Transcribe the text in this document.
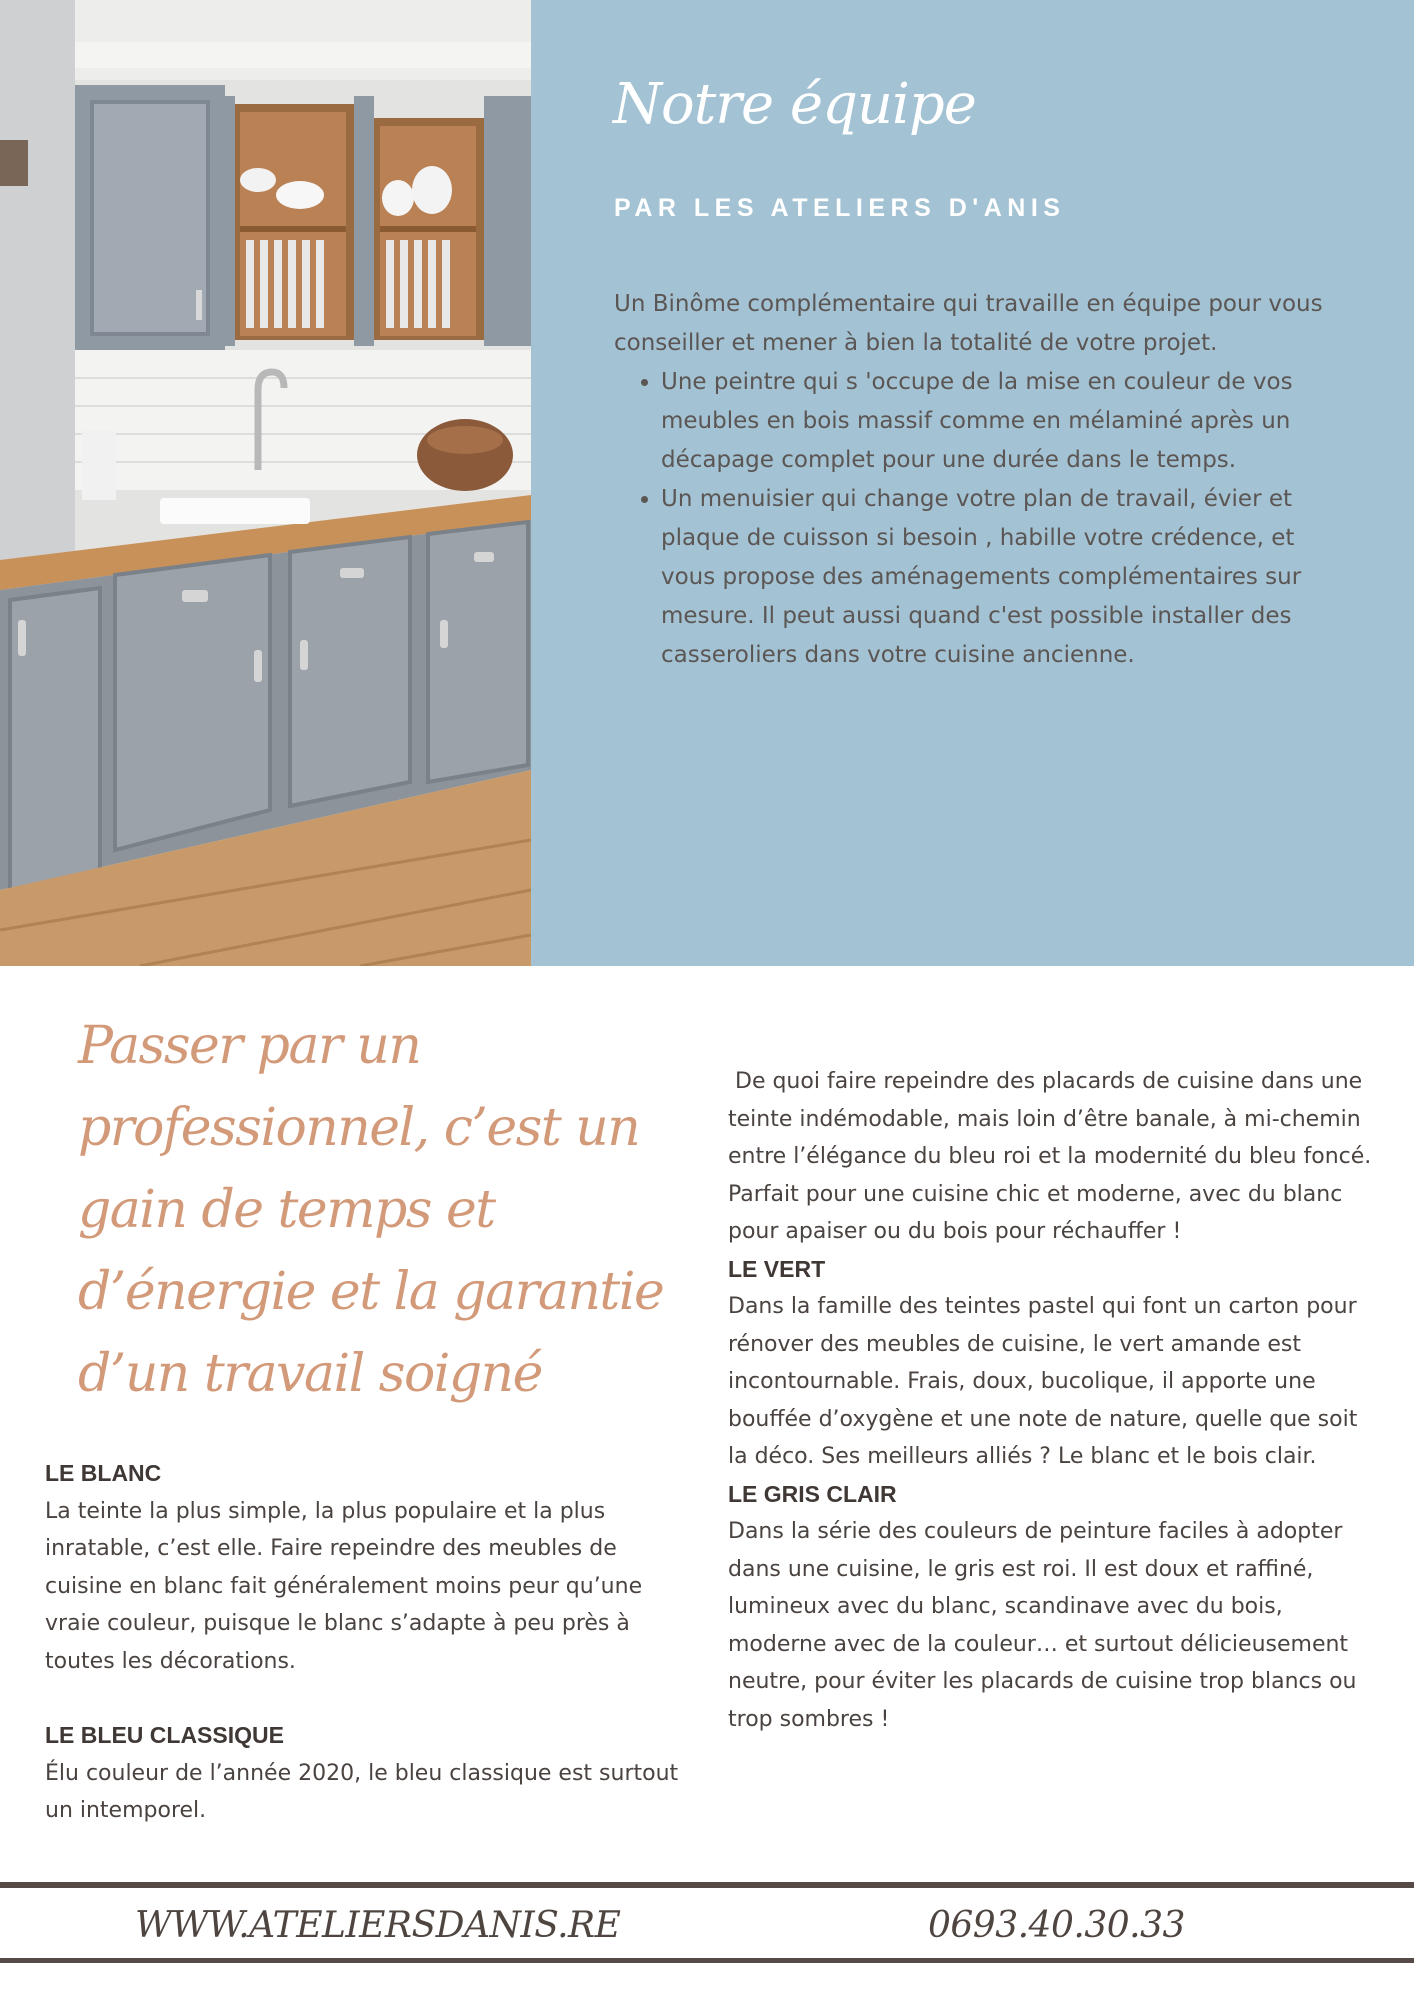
Notre équipe
PAR LES ATELIERS D'ANIS

Un Binôme complémentaire qui travaille en équipe pour vous conseiller et mener à bien la totalité de votre projet.

• Une peintre qui s 'occupe de la mise en couleur de vos meubles en bois massif comme en mélaminé après un décapage complet pour une durée dans le temps.
• Un menuisier qui change votre plan de travail, évier et plaque de cuisson si besoin , habille votre crédence, et vous propose des aménagements complémentaires sur mesure. Il peut aussi quand c'est possible installer des casseroliers dans votre cuisine ancienne.
Passer par un professionnel, c’est un gain de temps et d’énergie et la garantie d’un travail soigné
LE BLANC

La teinte la plus simple, la plus populaire et la plus inratable, c’est elle. Faire repeindre des meubles de cuisine en blanc fait généralement moins peur qu’une vraie couleur, puisque le blanc s’adapte à peu près à toutes les décorations.

LE BLEU CLASSIQUE

Élu couleur de l’année 2020, le bleu classique est surtout un intemporel.

De quoi faire repeindre des placards de cuisine dans une teinte indémodable, mais loin d’être banale, à mi-chemin entre l’élégance du bleu roi et la modernité du bleu foncé. Parfait pour une cuisine chic et moderne, avec du blanc pour apaiser ou du bois pour réchauffer !

LE VERT

Dans la famille des teintes pastel qui font un carton pour rénover des meubles de cuisine, le vert amande est incontournable. Frais, doux, bucolique, il apporte une bouffée d’oxygène et une note de nature, quelle que soit la déco. Ses meilleurs alliés ? Le blanc et le bois clair.

LE GRIS CLAIR

Dans la série des couleurs de peinture faciles à adopter dans une cuisine, le gris est roi. Il est doux et raffiné, lumineux avec du blanc, scandinave avec du bois, moderne avec de la couleur… et surtout délicieusement neutre, pour éviter les placards de cuisine trop blancs ou trop sombres !

WWW.ATELIERSDANIS.RE	0693.40.30.33
